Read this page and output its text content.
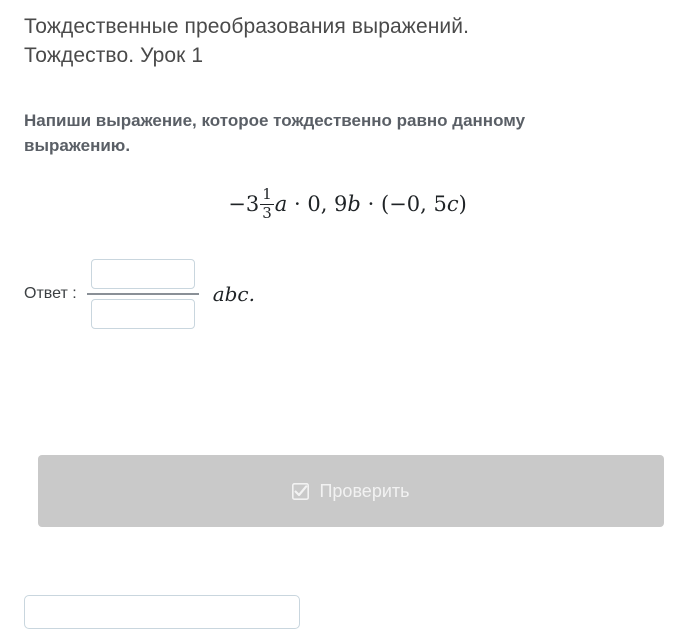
Тождественные преобразования выражений. Тождество. Урок 1

Напиши выражение, которое тождественно равно данному выражению.

$-3 \frac{1}{3}$ a · 0, 9b · (−0, 5c)
Ответ :	abc.
Проверить
